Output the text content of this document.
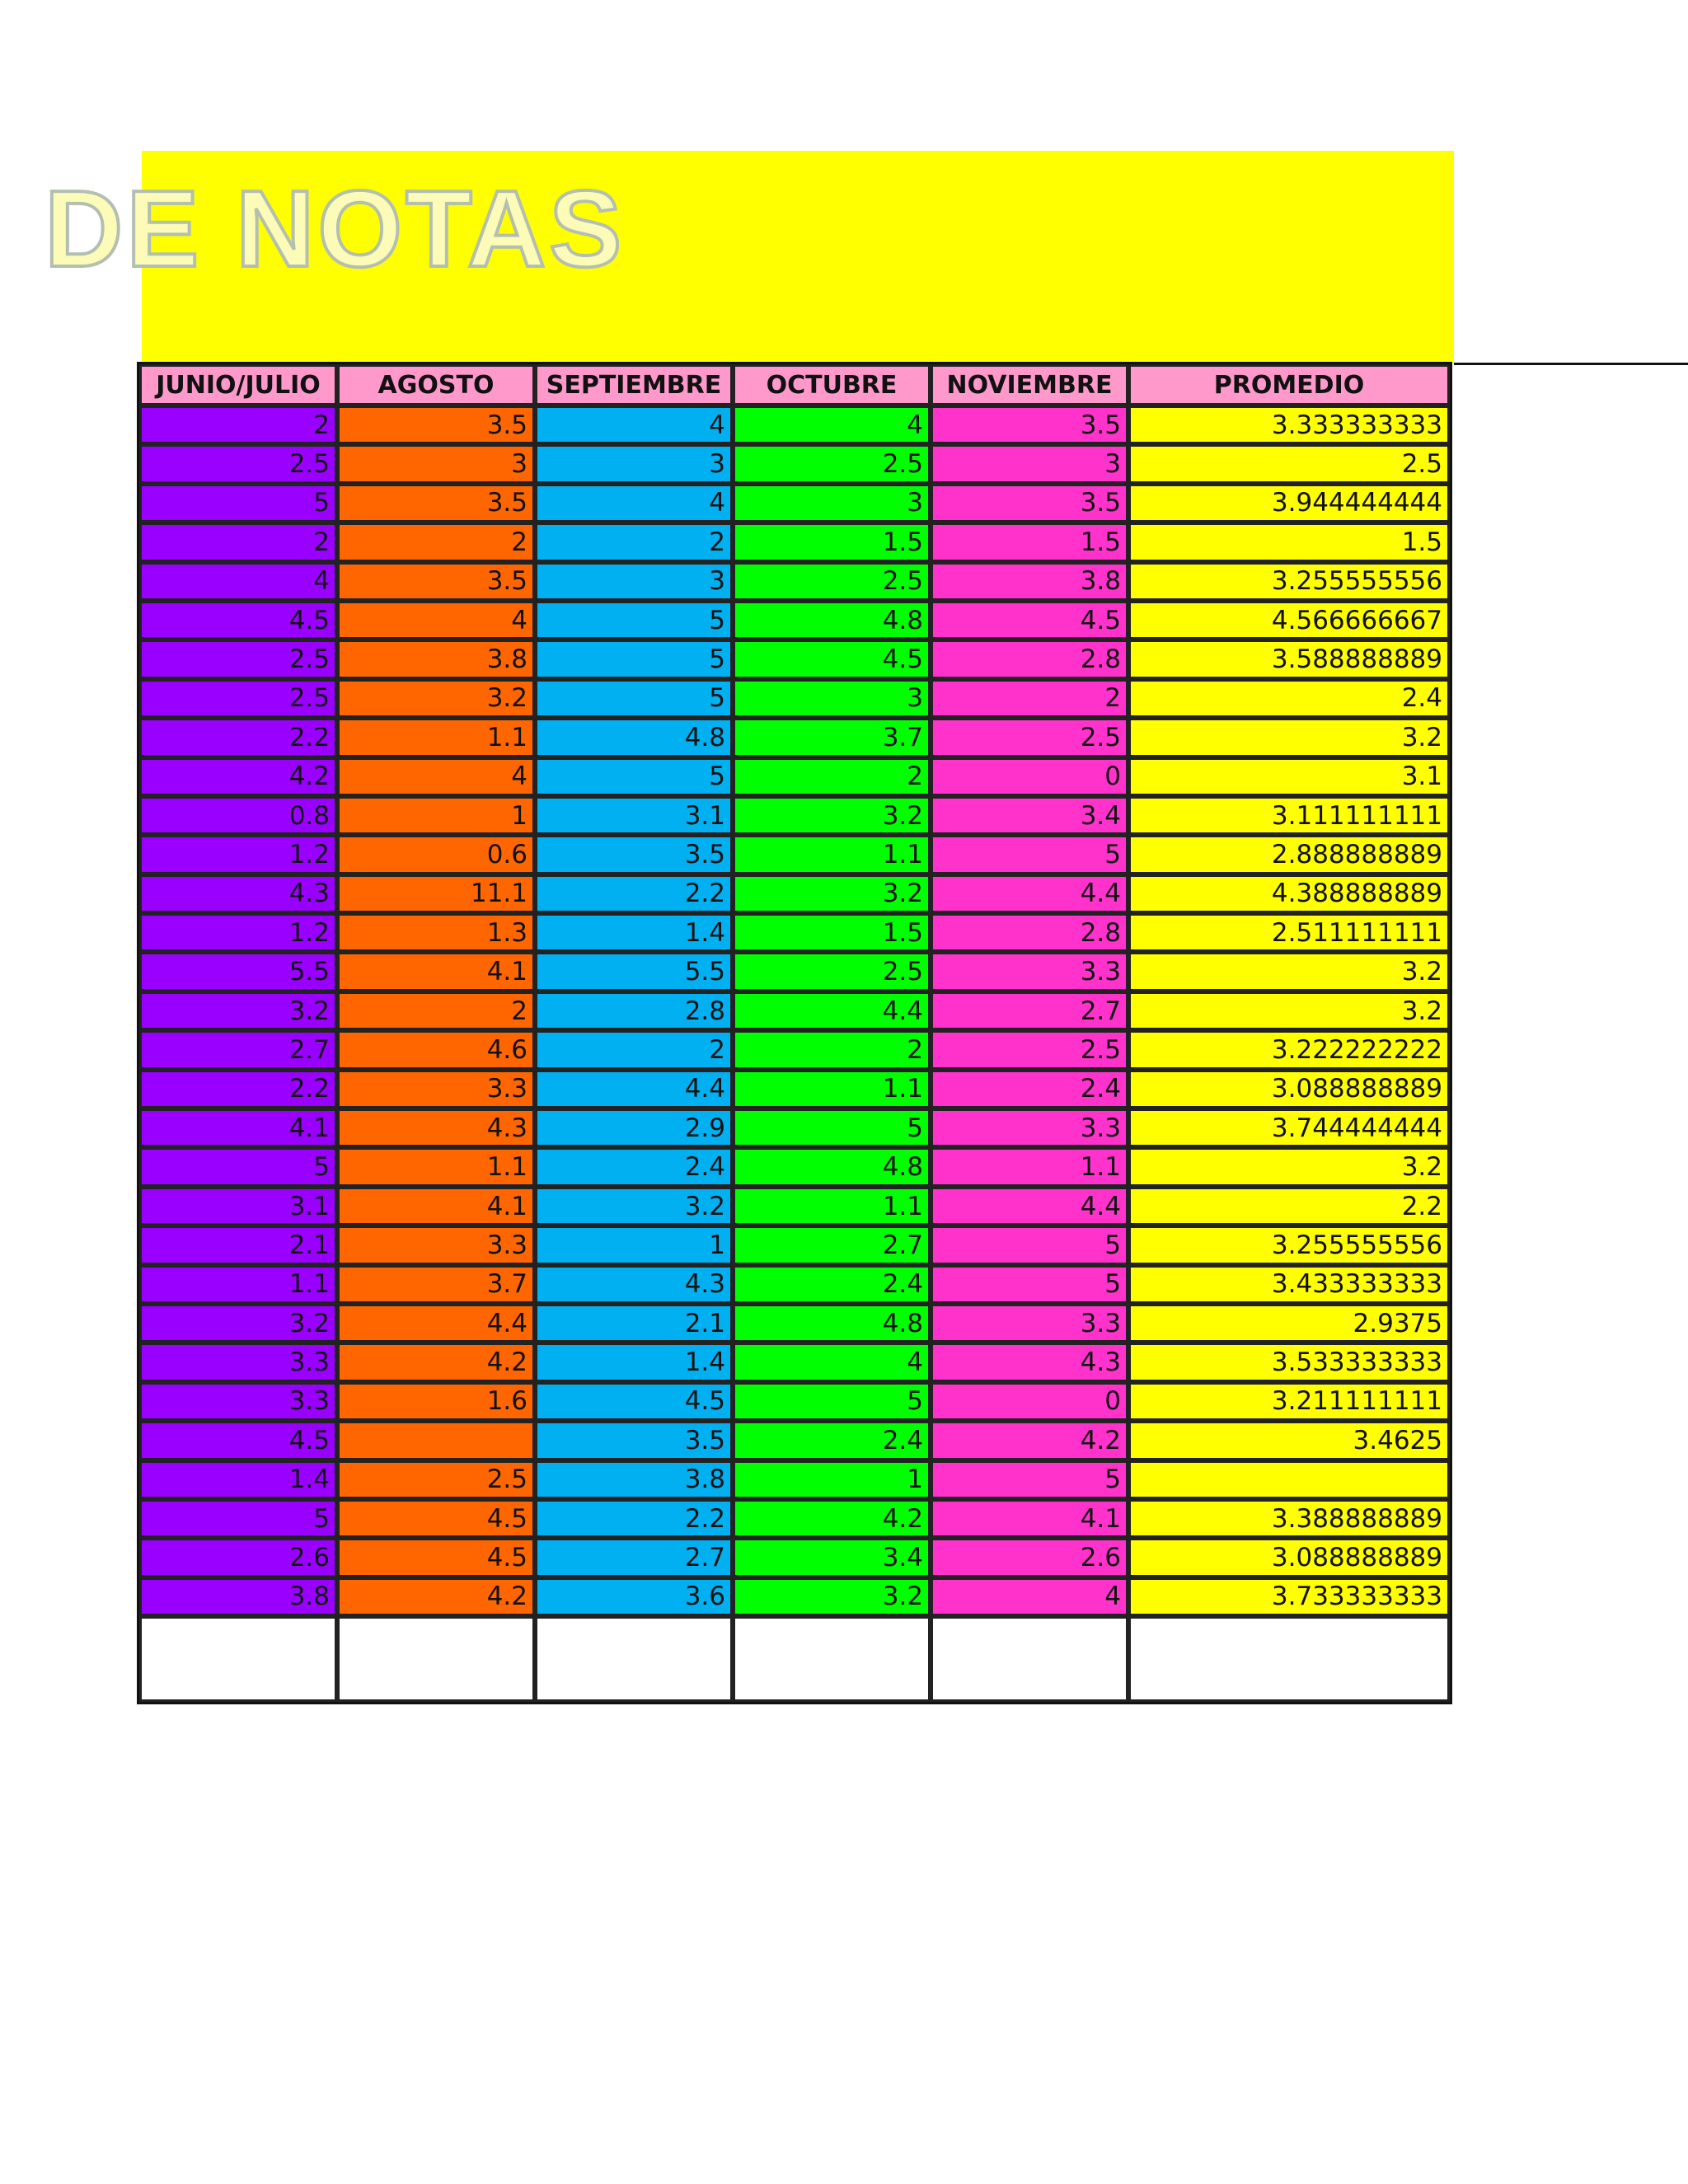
DE NOTAS
JUNIO/JULIO	AGOSTO	SEPTIEMBRE	OCTUBRE	NOVIEMBRE	PROMEDIO
2	3.5	4	4	3.5	3.333333333
2.5	3	3	2.5	3	2.5
5	3.5	4	3	3.5	3.944444444
2	2	2	1.5	1.5	1.5
4	3.5	3	2.5	3.8	3.255555556
4.5	4	5	4.8	4.5	4.566666667
2.5	3.8	5	4.5	2.8	3.588888889
2.5	3.2	5	3	2	2.4
2.2	1.1	4.8	3.7	2.5	3.2
4.2	4	5	2	0	3.1
0.8	1	3.1	3.2	3.4	3.111111111
1.2	0.6	3.5	1.1	5	2.888888889
4.3	11.1	2.2	3.2	4.4	4.388888889
1.2	1.3	1.4	1.5	2.8	2.511111111
5.5	4.1	5.5	2.5	3.3	3.2
3.2	2	2.8	4.4	2.7	3.2
2.7	4.6	2	2	2.5	3.222222222
2.2	3.3	4.4	1.1	2.4	3.088888889
4.1	4.3	2.9	5	3.3	3.744444444
5	1.1	2.4	4.8	1.1	3.2
3.1	4.1	3.2	1.1	4.4	2.2
2.1	3.3	1	2.7	5	3.255555556
1.1	3.7	4.3	2.4	5	3.433333333
3.2	4.4	2.1	4.8	3.3	2.9375
3.3	4.2	1.4	4	4.3	3.533333333
3.3	1.6	4.5	5	0	3.211111111
4.5		3.5	2.4	4.2	3.4625
1.4	2.5	3.8	1	5	
5	4.5	2.2	4.2	4.1	3.388888889
2.6	4.5	2.7	3.4	2.6	3.088888889
3.8	4.2	3.6	3.2	4	3.733333333
